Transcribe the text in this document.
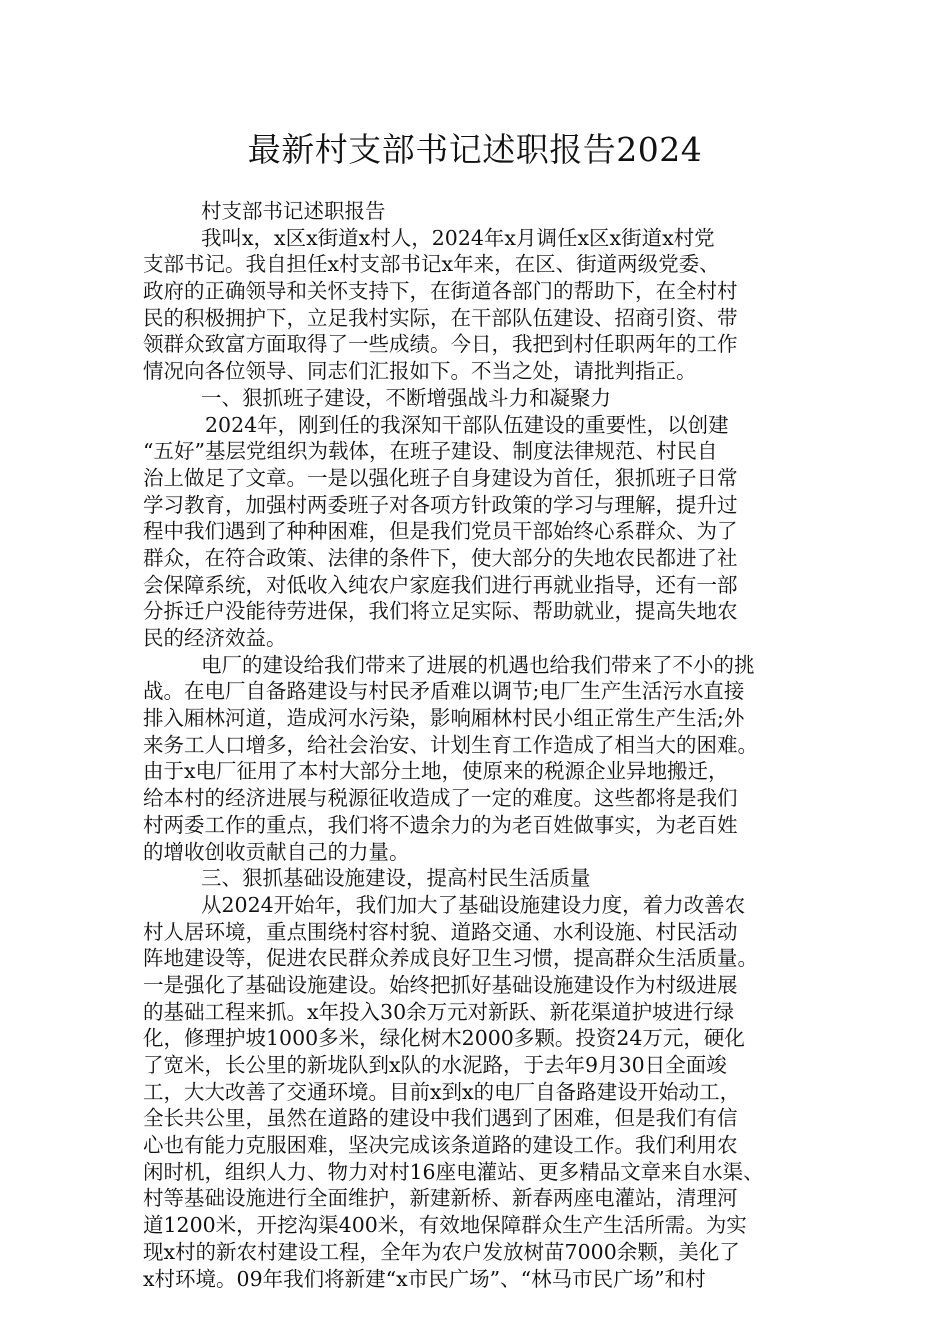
最新村支部书记述职报告2024
村支部书记述职报告
我叫x，x区x街道x村人，2024年x月调任x区x街道x村党
支部书记。我自担任x村支部书记x年来，在区、街道两级党委、
政府的正确领导和关怀支持下，在街道各部门的帮助下，在全村村
民的积极拥护下，立足我村实际，在干部队伍建设、招商引资、带
领群众致富方面取得了一些成绩。今日，我把到村任职两年的工作
情况向各位领导、同志们汇报如下。不当之处，请批判指正。
一、狠抓班子建设，不断增强战斗力和凝聚力
2024年，刚到任的我深知干部队伍建设的重要性，以创建
“五好”基层党组织为载体，在班子建设、制度法律规范、村民自
治上做足了文章。一是以强化班子自身建设为首任，狠抓班子日常
学习教育，加强村两委班子对各项方针政策的学习与理解，提升过
程中我们遇到了种种困难，但是我们党员干部始终心系群众、为了
群众，在符合政策、法律的条件下，使大部分的失地农民都进了社
会保障系统，对低收入纯农户家庭我们进行再就业指导，还有一部
分拆迁户没能待劳进保，我们将立足实际、帮助就业，提高失地农
民的经济效益。
电厂的建设给我们带来了进展的机遇也给我们带来了不小的挑
战。在电厂自备路建设与村民矛盾难以调节;电厂生产生活污水直接
排入厢林河道，造成河水污染，影响厢林村民小组正常生产生活;外
来务工人口增多，给社会治安、计划生育工作造成了相当大的困难。
由于x电厂征用了本村大部分土地，使原来的税源企业异地搬迁，
给本村的经济进展与税源征收造成了一定的难度。这些都将是我们
村两委工作的重点，我们将不遗余力的为老百姓做事实，为老百姓
的增收创收贡献自己的力量。
三、狠抓基础设施建设，提高村民生活质量
从2024开始年，我们加大了基础设施建设力度，着力改善农
村人居环境，重点围绕村容村貌、道路交通、水利设施、村民活动
阵地建设等，促进农民群众养成良好卫生习惯，提高群众生活质量。
一是强化了基础设施建设。始终把抓好基础设施建设作为村级进展
的基础工程来抓。x年投入30余万元对新跃、新花渠道护坡进行绿
化，修理护坡1000多米，绿化树木2000多颗。投资24万元，硬化
了宽米，长公里的新垅队到x队的水泥路，于去年9月30日全面竣
工，大大改善了交通环境。目前x到x的电厂自备路建设开始动工，
全长共公里，虽然在道路的建设中我们遇到了困难，但是我们有信
心也有能力克服困难，坚决完成该条道路的建设工作。我们利用农
闲时机，组织人力、物力对村16座电灌站、更多精品文章来自水渠、
村等基础设施进行全面维护，新建新桥、新春两座电灌站，清理河
道1200米，开挖沟渠400米，有效地保障群众生产生活所需。为实
现x村的新农村建设工程，全年为农户发放树苗7000余颗，美化了
x村环境。09年我们将新建“x市民广场”、“林马市民广场”和村
